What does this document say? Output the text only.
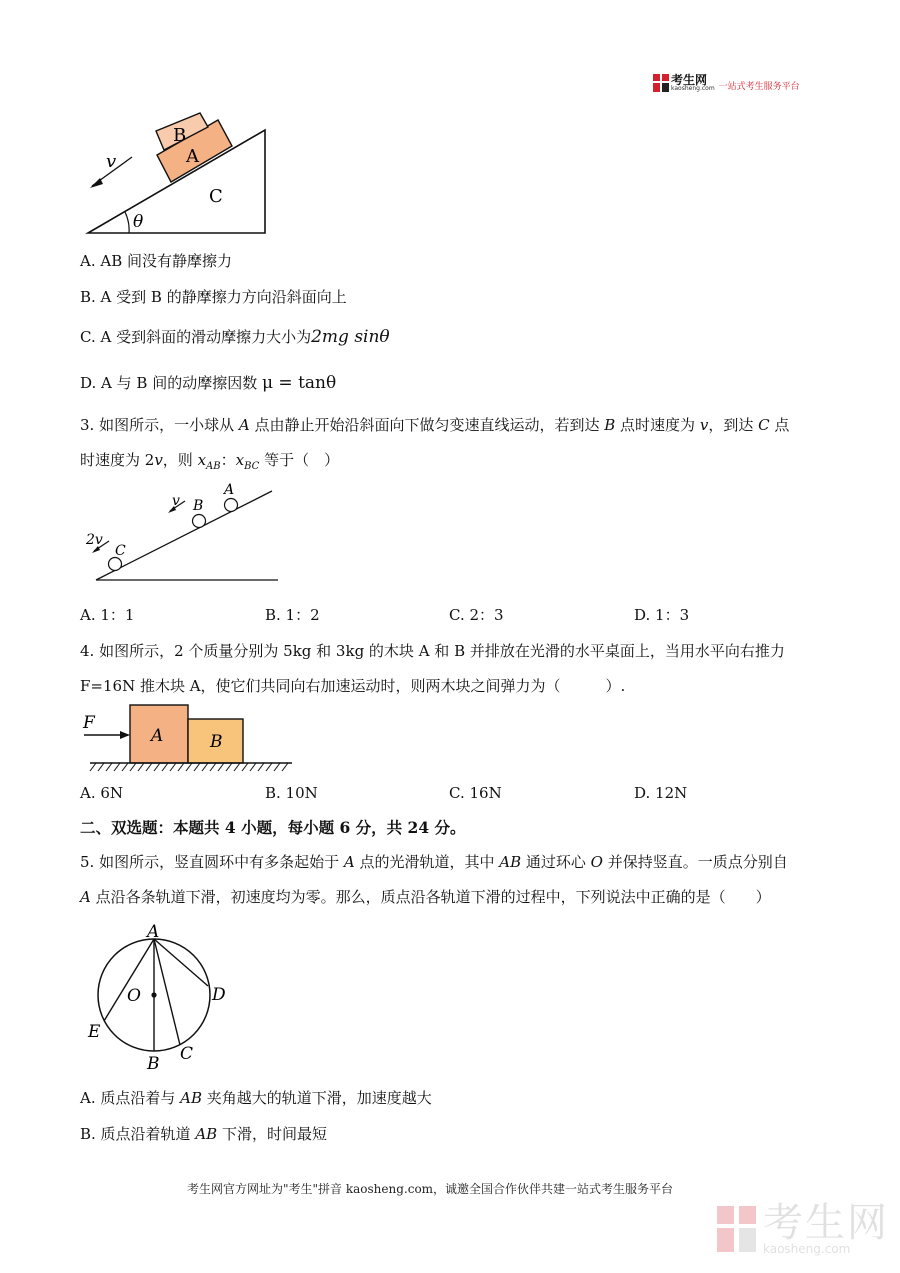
考生网
kaosheng.com 一站式考生服务平台
B
A
C
v
θ
A. AB 间没有静摩擦力
B. A 受到 B 的静摩擦力方向沿斜面向上
C. A 受到斜面的滑动摩擦力大小为2mg sinθ
D. A 与 B 间的动摩擦因数 μ = tanθ
3. 如图所示，一小球从 A 点由静止开始沿斜面向下做匀变速直线运动，若到达 B 点时速度为 v，到达 C 点
时速度为 2v，则 $x_{AB}$：$x_{BC}$ 等于（　）
v B
A
2v
C
A. 1：1	B. 1：2	C. 2：3	D. 1：3
4. 如图所示，2 个质量分别为 5kg 和 3kg 的木块 A 和 B 并排放在光滑的水平桌面上，当用水平向右推力
F=16N 推木块 A，使它们共同向右加速运动时，则两木块之间弹力为（　　　）.
F
A	B
A. 6N	B. 10N	C. 16N	D. 12N
二、双选题：本题共 4 小题，每小题 6 分，共 24 分。
5. 如图所示，竖直圆环中有多条起始于 A 点的光滑轨道，其中 AB 通过环心 O 并保持竖直。一质点分别自
A 点沿各条轨道下滑，初速度均为零。那么，质点沿各轨道下滑的过程中，下列说法中正确的是（　　）
A
O	D
E
B C
A. 质点沿着与 AB 夹角越大的轨道下滑，加速度越大
B. 质点沿着轨道 AB 下滑，时间最短
考生网官方网址为"考生"拼音 kaosheng.com，诚邀全国合作伙伴共建一站式考生服务平台
考生网
kaosheng.com
